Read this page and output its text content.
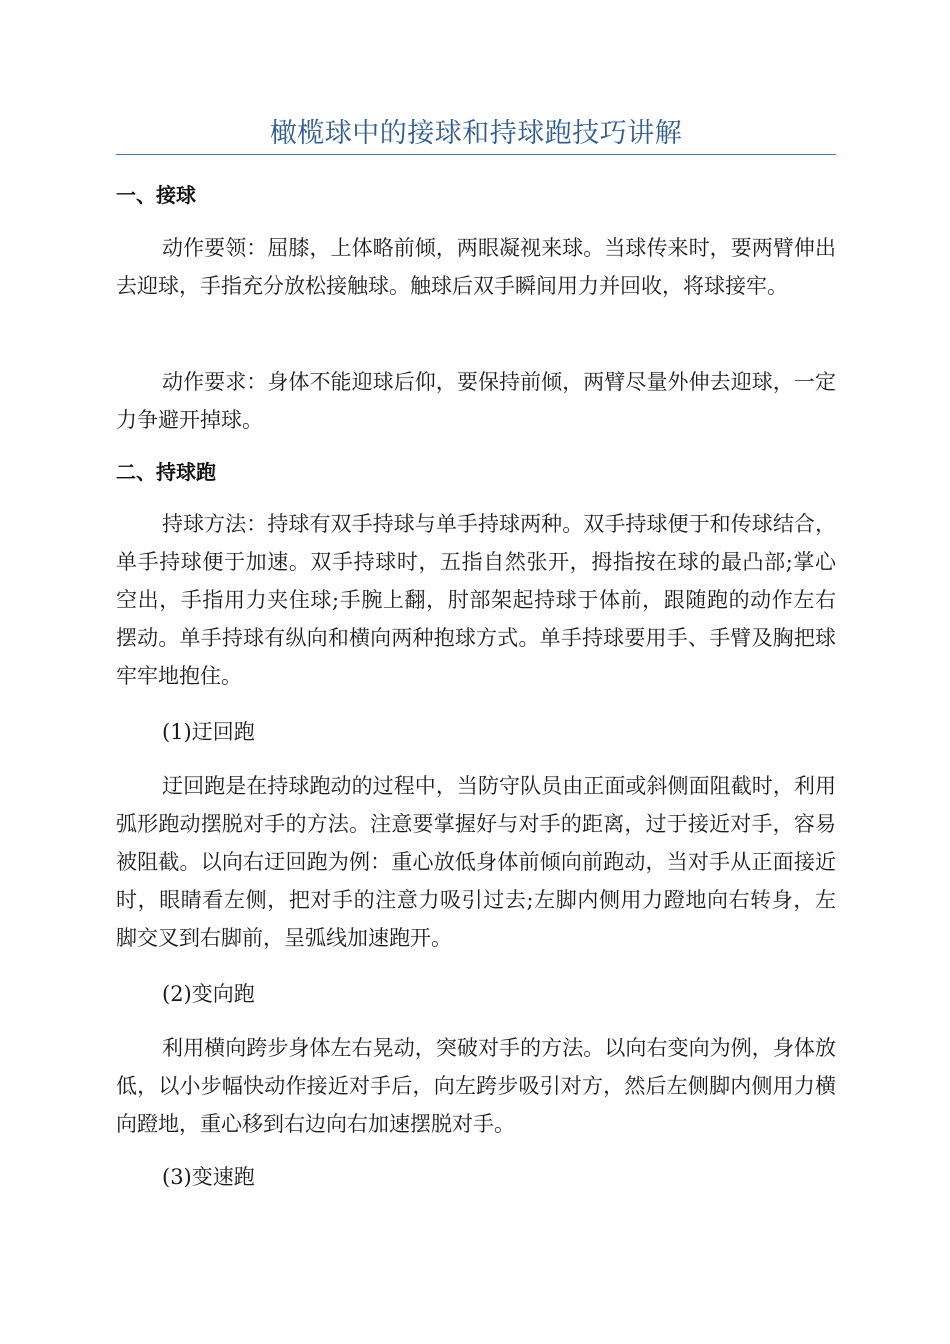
橄榄球中的接球和持球跑技巧讲解
一、接球
动作要领：屈膝，上体略前倾，两眼凝视来球。当球传来时，要两臂伸出去迎球，手指充分放松接触球。触球后双手瞬间用力并回收，将球接牢。
动作要求：身体不能迎球后仰，要保持前倾，两臂尽量外伸去迎球，一定力争避开掉球。
二、持球跑
持球方法：持球有双手持球与单手持球两种。双手持球便于和传球结合，单手持球便于加速。双手持球时，五指自然张开，拇指按在球的最凸部;掌心空出，手指用力夹住球;手腕上翻，肘部架起持球于体前，跟随跑的动作左右摆动。单手持球有纵向和横向两种抱球方式。单手持球要用手、手臂及胸把球牢牢地抱住。
(1)迂回跑
迂回跑是在持球跑动的过程中，当防守队员由正面或斜侧面阻截时，利用弧形跑动摆脱对手的方法。注意要掌握好与对手的距离，过于接近对手，容易被阻截。以向右迂回跑为例：重心放低身体前倾向前跑动，当对手从正面接近时，眼睛看左侧，把对手的注意力吸引过去;左脚内侧用力蹬地向右转身，左脚交叉到右脚前，呈弧线加速跑开。
(2)变向跑
利用横向跨步身体左右晃动，突破对手的方法。以向右变向为例，身体放低，以小步幅快动作接近对手后，向左跨步吸引对方，然后左侧脚内侧用力横向蹬地，重心移到右边向右加速摆脱对手。
(3)变速跑
